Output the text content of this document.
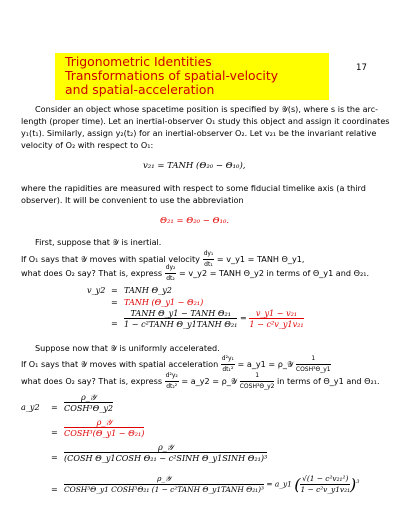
Trigonometric Identities
Transformations of spatial-velocity
and spatial-acceleration
17
Consider an object whose spacetime position is specified by 𝒴(s), where s is the arc-
length (proper time). Let an inertial-observer O₁ study this object and assign it coordinates
y₁(t₁). Similarly, assign y₂(t₂) for an inertial-observer O₂. Let v₂₁ be the invariant relative
velocity of O₂ with respect to O₁:
v₂₁ = TANH (Θ₂₀ − Θ₁₀),
where the rapidities are measured with respect to some fiducial timelike axis (a third
observer). It will be convenient to use the abbreviation
Θ₂₁ = Θ₂₀ − Θ₁₀.
First, suppose that 𝒴 is inertial.
If O₁ says that 𝒴 moves with spatial velocity $\frac{\text{dy₁}}{\text{dt₁}}$ = v_y1 = TANH Θ_y1,
what does O₂ say? That is, express $\frac{\text{dy₂}}{\text{dt₂}}$ = v_y2 = TANH Θ_y2 in terms of Θ_y1 and Θ₂₁.
v_y2 = TANH Θ_y2
= TANH (Θ_y1 − Θ₂₁)
= $\frac{\text{TANH Θ\_y1 − TANH Θ₂₁}}{\text{1 − c²TANH Θ\_y1TANH Θ₂₁}} = \frac{\text{v\_y1 − v₂₁}}{\text{1 − c²v\_y1v₂₁}}$
Suppose now that 𝒴 is uniformly accelerated.
If O₁ says that 𝒴 moves with spatial acceleration $\frac{\text{d²y₁}}{\text{dt₁²}}$ = a_y1 = ρ_𝒴 $\frac{1}{\text{COSH³Θ\_y1}}$
what does O₂ say? That is, express $\frac{\text{d²y₂}}{\text{dt₂²}}$ = a_y2 = ρ_𝒴 $\frac{1}{\text{COSH³Θ\_y2}}$ in terms of Θ_y1 and Θ₂₁.
a_y2 = $\frac{\text{ρ\_𝒴}}{\text{COSH³Θ\_y2}}$
= $\frac{\text{ρ\_𝒴}}{\text{COSH³(Θ\_y1 − Θ₂₁)}}$
= $\frac{\text{ρ\_𝒴}}{\text{(COSH Θ\_y1COSH Θ₂₁ − c²SINH Θ\_y1SINH Θ₂₁)³}}$
= $\frac{\text{ρ\_𝒴}}{\text{COSH³Θ\_y1 COSH³Θ₂₁ (1 − c²TANH Θ\_y1TANH Θ₂₁)³}}$ = a_y1 ( $\frac{\text{√(1 − c²v₂₁²)}}{\text{1 − c²v\_y1v₂₁}} )^3$
